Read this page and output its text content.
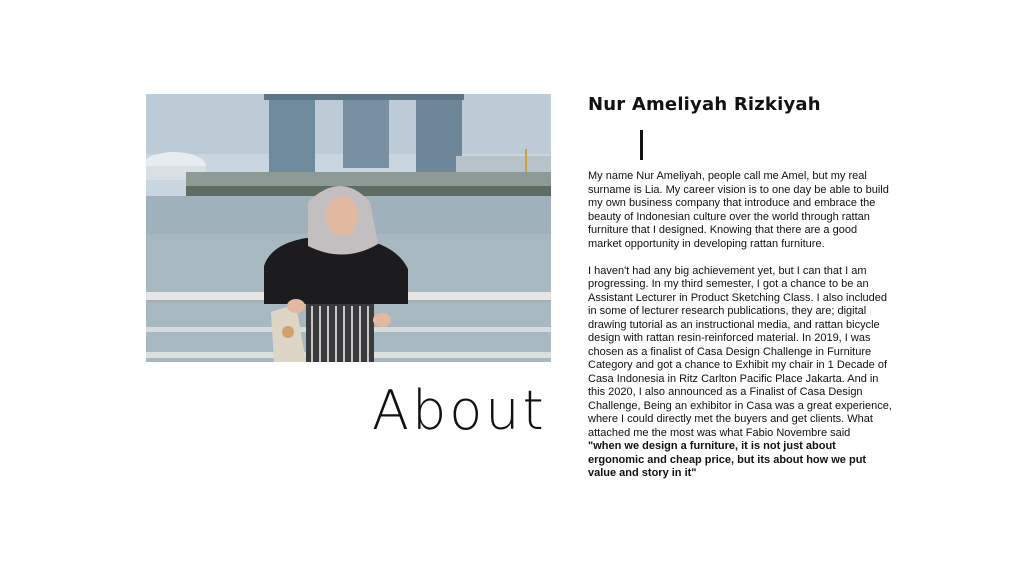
About
Nur Ameliyah Rizkiyah

My name Nur Ameliyah, people call me Amel, but my real surname is Lia. My career vision is to one day be able to build my own business company that introduce and embrace the beauty of Indonesian culture over the world through rattan furniture that I designed. Knowing that there are a good market opportunity in developing rattan furniture.

I haven't had any big achievement yet, but I can that I am progressing. In my third semester, I got a chance to be an Assistant Lecturer in Product Sketching Class. I also included in some of lecturer research publications, they are; digital drawing tutorial as an instructional media, and rattan bicycle design with rattan resin-reinforced material. In 2019, I was chosen as a finalist of Casa Design Challenge in Furniture Category and got a chance to Exhibit my chair in 1 Decade of Casa Indonesia in Ritz Carlton Pacific Place Jakarta. And in this 2020, I also announced as a Finalist of Casa Design Challenge, Being an exhibitor in Casa was a great experience, where I could directly met the buyers and get clients. What attached me the most was what Fabio Novembre said
"when we design a furniture, it is not just about ergonomic and cheap price, but its about how we put value and story in it"
